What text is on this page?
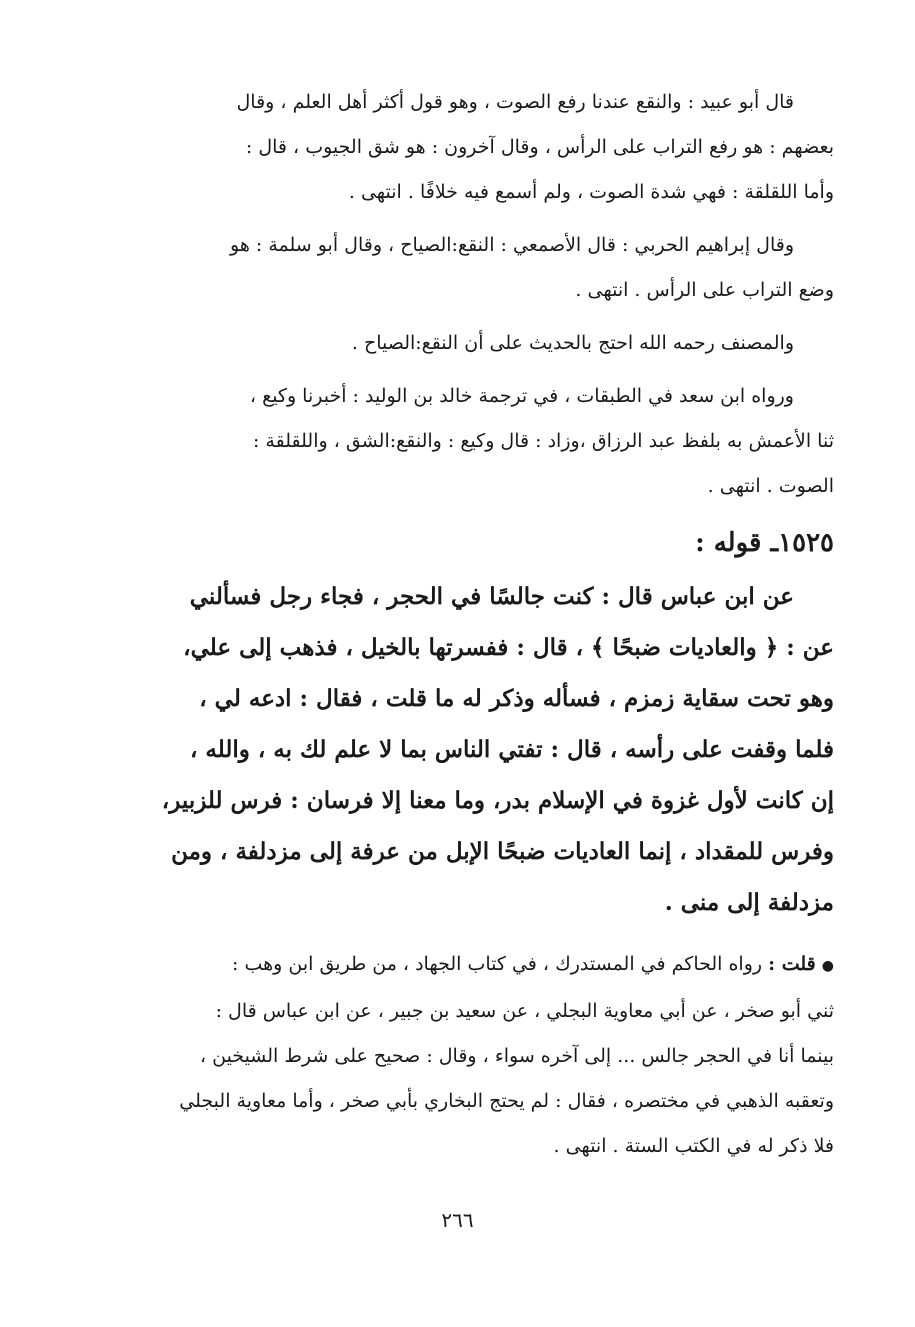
قال أبو عبيد : والنقع عندنا رفع الصوت ، وهو قول أكثر أهل العلم ، وقال
بعضهم : هو رفع التراب على الرأس ، وقال آخرون : هو شق الجيوب ، قال :
وأما اللقلقة : فهي شدة الصوت ، ولم أسمع فيه خلافًا . انتهى .

وقال إبراهيم الحربي : قال الأصمعي : النقع:الصياح ، وقال أبو سلمة : هو
وضع التراب على الرأس . انتهى .

والمصنف رحمه الله احتج بالحديث على أن النقع:الصياح .

ورواه ابن سعد في الطبقات ، في ترجمة خالد بن الوليد : أخبرنا وكيع ،
ثنا الأعمش به بلفظ عبد الرزاق ،وزاد : قال وكيع : والنقع:الشق ، واللقلقة :
الصوت . انتهى .

١٥٢٥ـ قوله :

عن ابن عباس قال : كنت جالسًا في الحجر ، فجاء رجل فسألني
عن : ﴿ والعاديات ضبحًا ﴾ ، قال : ففسرتها بالخيل ، فذهب إلى علي،
وهو تحت سقاية زمزم ، فسأله وذكر له ما قلت ، فقال : ادعه لي ،
فلما وقفت على رأسه ، قال : تفتي الناس بما لا علم لك به ، والله ،
إن كانت لأول غزوة في الإسلام بدر، وما معنا إلا فرسان : فرس للزبير،
وفرس للمقداد ، إنما العاديات ضبحًا الإبل من عرفة إلى مزدلفة ، ومن
مزدلفة إلى منى .

●قلت : رواه الحاكم في المستدرك ، في كتاب الجهاد ، من طريق ابن وهب :
ثني أبو صخر ، عن أبي معاوية البجلي ، عن سعيد بن جبير ، عن ابن عباس قال :
بينما أنا في الحجر جالس ... إلى آخره سواء ، وقال : صحيح على شرط الشيخين ،
وتعقبه الذهبي في مختصره ، فقال : لم يحتج البخاري بأبي صخر ، وأما معاوية البجلي
فلا ذكر له في الكتب الستة . انتهى .

٢٦٦
